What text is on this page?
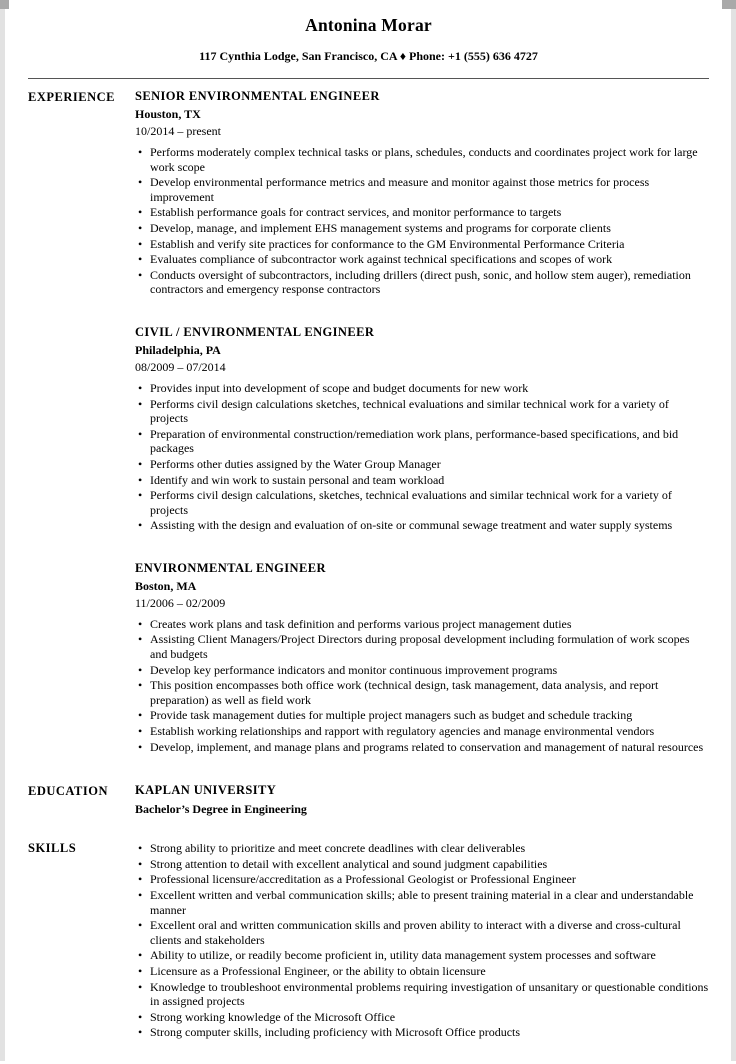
Antonina Morar
117 Cynthia Lodge, San Francisco, CA ♦ Phone: +1 (555) 636 4727
EXPERIENCE	SENIOR ENVIRONMENTAL ENGINEER
Houston, TX
10/2014 – present
• Performs moderately complex technical tasks or plans, schedules, conducts and coordinates project work for large work scope
• Develop environmental performance metrics and measure and monitor against those metrics for process improvement
• Establish performance goals for contract services, and monitor performance to targets
• Develop, manage, and implement EHS management systems and programs for corporate clients
• Establish and verify site practices for conformance to the GM Environmental Performance Criteria
• Evaluates compliance of subcontractor work against technical specifications and scopes of work
• Conducts oversight of subcontractors, including drillers (direct push, sonic, and hollow stem auger), remediation contractors and emergency response contractors
CIVIL / ENVIRONMENTAL ENGINEER
Philadelphia, PA
08/2009 – 07/2014
• Provides input into development of scope and budget documents for new work
• Performs civil design calculations sketches, technical evaluations and similar technical work for a variety of projects
• Preparation of environmental construction/remediation work plans, performance-based specifications, and bid packages
• Performs other duties assigned by the Water Group Manager
• Identify and win work to sustain personal and team workload
• Performs civil design calculations, sketches, technical evaluations and similar technical work for a variety of projects
• Assisting with the design and evaluation of on-site or communal sewage treatment and water supply systems
ENVIRONMENTAL ENGINEER
Boston, MA
11/2006 – 02/2009
• Creates work plans and task definition and performs various project management duties
• Assisting Client Managers/Project Directors during proposal development including formulation of work scopes and budgets
• Develop key performance indicators and monitor continuous improvement programs
• This position encompasses both office work (technical design, task management, data analysis, and report preparation) as well as field work
• Provide task management duties for multiple project managers such as budget and schedule tracking
• Establish working relationships and rapport with regulatory agencies and manage environmental vendors
• Develop, implement, and manage plans and programs related to conservation and management of natural resources
EDUCATION	KAPLAN UNIVERSITY
Bachelor’s Degree in Engineering
SKILLS	• Strong ability to prioritize and meet concrete deadlines with clear deliverables
• Strong attention to detail with excellent analytical and sound judgment capabilities
• Professional licensure/accreditation as a Professional Geologist or Professional Engineer
• Excellent written and verbal communication skills; able to present training material in a clear and understandable manner
• Excellent oral and written communication skills and proven ability to interact with a diverse and cross-cultural clients and stakeholders
• Ability to utilize, or readily become proficient in, utility data management system processes and software
• Licensure as a Professional Engineer, or the ability to obtain licensure
• Knowledge to troubleshoot environmental problems requiring investigation of unsanitary or questionable conditions in assigned projects
• Strong working knowledge of the Microsoft Office
• Strong computer skills, including proficiency with Microsoft Office products
